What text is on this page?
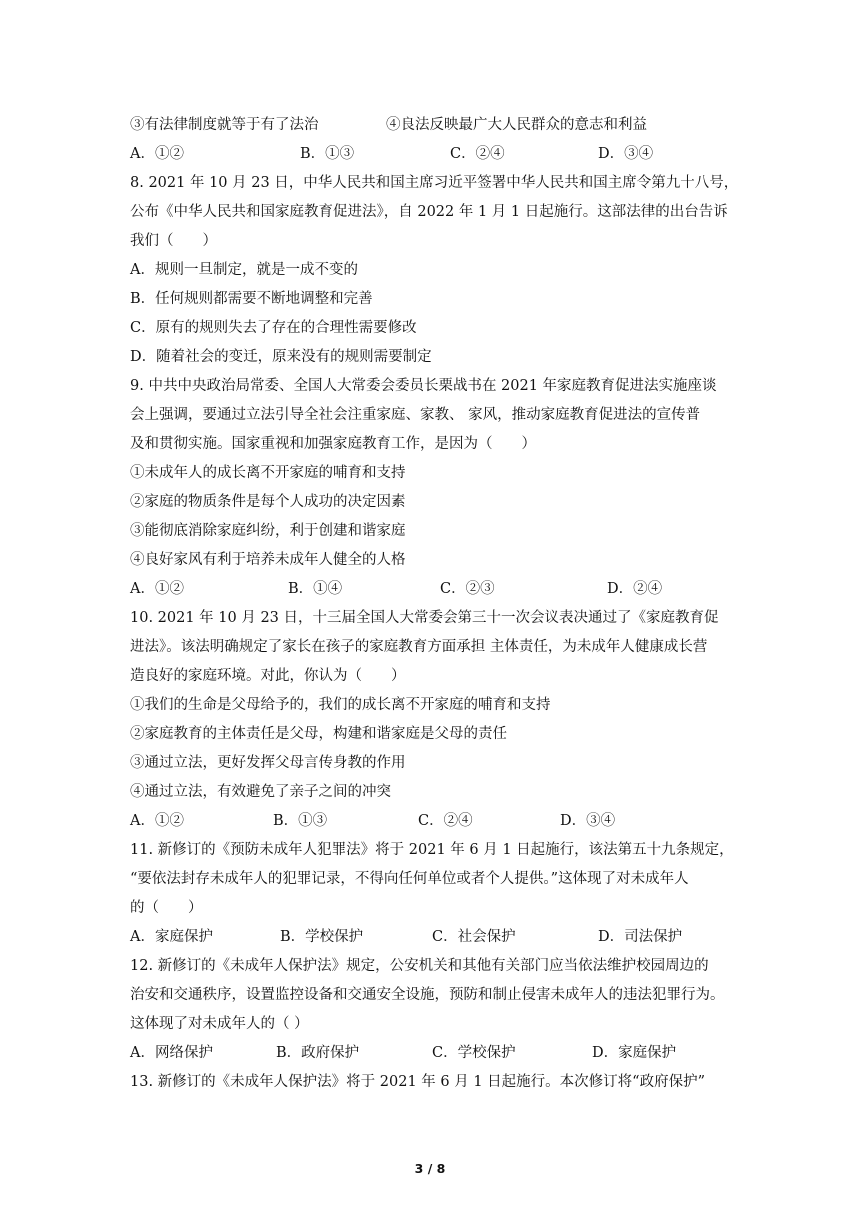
③有法律制度就等于有了法治	④良法反映最广大人民群众的意志和利益
A．①②	B．①③	C．②④	D．③④
8. 2021 年 10 月 23 日，中华人民共和国主席习近平签署中华人民共和国主席令第九十八号，
公布《中华人民共和国家庭教育促进法》，自 2022 年 1 月 1 日起施行。这部法律的出台告诉
我们（　　）
A．规则一旦制定，就是一成不变的
B．任何规则都需要不断地调整和完善
C．原有的规则失去了存在的合理性需要修改
D．随着社会的变迁，原来没有的规则需要制定
9. 中共中央政治局常委、全国人大常委会委员长栗战书在 2021 年家庭教育促进法实施座谈
会上强调，要通过立法引导全社会注重家庭、家教、 家风，推动家庭教育促进法的宣传普
及和贯彻实施。国家重视和加强家庭教育工作，是因为（　　）
①未成年人的成长离不开家庭的哺育和支持
②家庭的物质条件是每个人成功的决定因素
③能彻底消除家庭纠纷，利于创建和谐家庭
④良好家风有利于培养未成年人健全的人格
A．①②	B．①④	C．②③	D．②④
10. 2021 年 10 月 23 日，十三届全国人大常委会第三十一次会议表决通过了《家庭教育促
进法》。该法明确规定了家长在孩子的家庭教育方面承担 主体责任，为未成年人健康成长营
造良好的家庭环境。对此，你认为（　　）
①我们的生命是父母给予的，我们的成长离不开家庭的哺育和支持
②家庭教育的主体责任是父母，构建和谐家庭是父母的责任
③通过立法，更好发挥父母言传身教的作用
④通过立法，有效避免了亲子之间的冲突
A．①②	B．①③	C．②④	D．③④
11. 新修订的《预防未成年人犯罪法》将于 2021 年 6 月 1 日起施行，该法第五十九条规定，
“要依法封存未成年人的犯罪记录，不得向任何单位或者个人提供。”这体现了对未成年人
的（　　）
A．家庭保护	B．学校保护	C．社会保护	D．司法保护
12. 新修订的《未成年人保护法》规定，公安机关和其他有关部门应当依法维护校园周边的
治安和交通秩序，设置监控设备和交通安全设施，预防和制止侵害未成年人的违法犯罪行为。
这体现了对未成年人的（ ）
A．网络保护	B．政府保护	C．学校保护	D．家庭保护
13. 新修订的《未成年人保护法》将于 2021 年 6 月 1 日起施行。本次修订将“政府保护”
3 / 8
